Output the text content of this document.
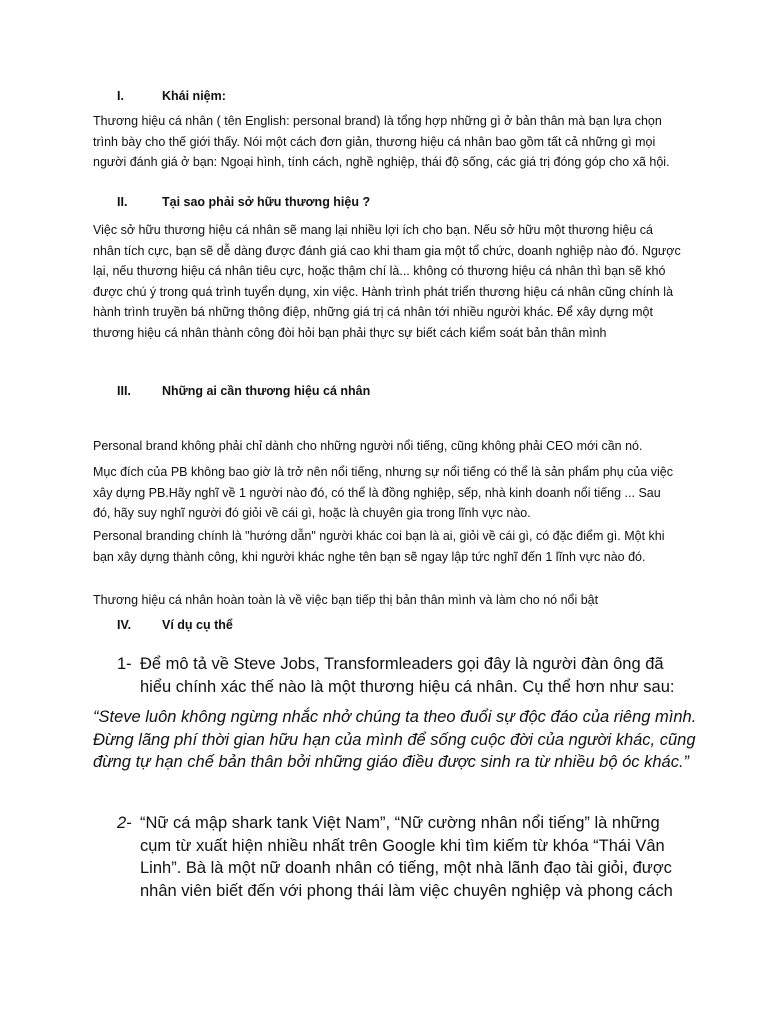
I.	Khái niệm:

Thương hiệu cá nhân ( tên English: personal brand) là tổng hợp những gì ở bản thân mà bạn lựa chọn trình bày cho thế giới thấy. Nói một cách đơn giản, thương hiệu cá nhân bao gồm tất cả những gì mọi người đánh giá ở bạn: Ngoại hình, tính cách, nghề nghiệp, thái độ sống, các giá trị đóng góp cho xã hội.

II.	Tại sao phải sở hữu thương hiệu ?

Việc sở hữu thương hiệu cá nhân sẽ mang lại nhiều lợi ích cho bạn. Nếu sở hữu một thương hiệu cá nhân tích cực, bạn sẽ dễ dàng được đánh giá cao khi tham gia một tổ chức, doanh nghiệp nào đó. Ngược lại, nếu thương hiệu cá nhân tiêu cực, hoặc thậm chí là... không có thương hiệu cá nhân thì bạn sẽ khó được chú ý trong quá trình tuyển dụng, xin việc. Hành trình phát triển thương hiệu cá nhân cũng chính là hành trình truyền bá những thông điệp, những giá trị cá nhân tới nhiều người khác. Để xây dựng một thương hiệu cá nhân thành công đòi hỏi bạn phải thực sự biết cách kiểm soát bản thân mình

III. Những ai cần thương hiệu cá nhân

Personal brand không phải chỉ dành cho những người nổi tiếng, cũng không phải CEO mới cần nó.

Mục đích của PB không bao giờ là trở nên nổi tiếng, nhưng sự nổi tiếng có thể là sản phẩm phụ của việc xây dựng PB.Hãy nghĩ về 1 người nào đó, có thể là đồng nghiệp, sếp, nhà kinh doanh nổi tiếng ... Sau đó, hãy suy nghĩ người đó giỏi về cái gì, hoặc là chuyên gia trong lĩnh vực nào.

Personal branding chính là "hướng dẫn" người khác coi bạn là ai, giỏi về cái gì, có đặc điểm gì. Một khi bạn xây dựng thành công, khi người khác nghe tên bạn sẽ ngay lập tức nghĩ đến 1 lĩnh vực nào đó.

Thương hiệu cá nhân hoàn toàn là về việc bạn tiếp thị bản thân mình và làm cho nó nổi bật

IV. Ví dụ cụ thể
1- Để mô tả về Steve Jobs, Transformleaders gọi đây là người đàn ông đã hiểu chính xác thế nào là một thương hiệu cá nhân. Cụ thể hơn như sau:

“Steve luôn không ngừng nhắc nhở chúng ta theo đuổi sự độc đáo của riêng mình. Đừng lãng phí thời gian hữu hạn của mình để sống cuộc đời của người khác, cũng đừng tự hạn chế bản thân bởi những giáo điều được sinh ra từ nhiều bộ óc khác.”

2- “Nữ cá mập shark tank Việt Nam”, “Nữ cường nhân nổi tiếng” là những cụm từ xuất hiện nhiều nhất trên Google khi tìm kiếm từ khóa “Thái Vân Linh”. Bà là một nữ doanh nhân có tiếng, một nhà lãnh đạo tài giỏi, được nhân viên biết đến với phong thái làm việc chuyên nghiệp và phong cách
